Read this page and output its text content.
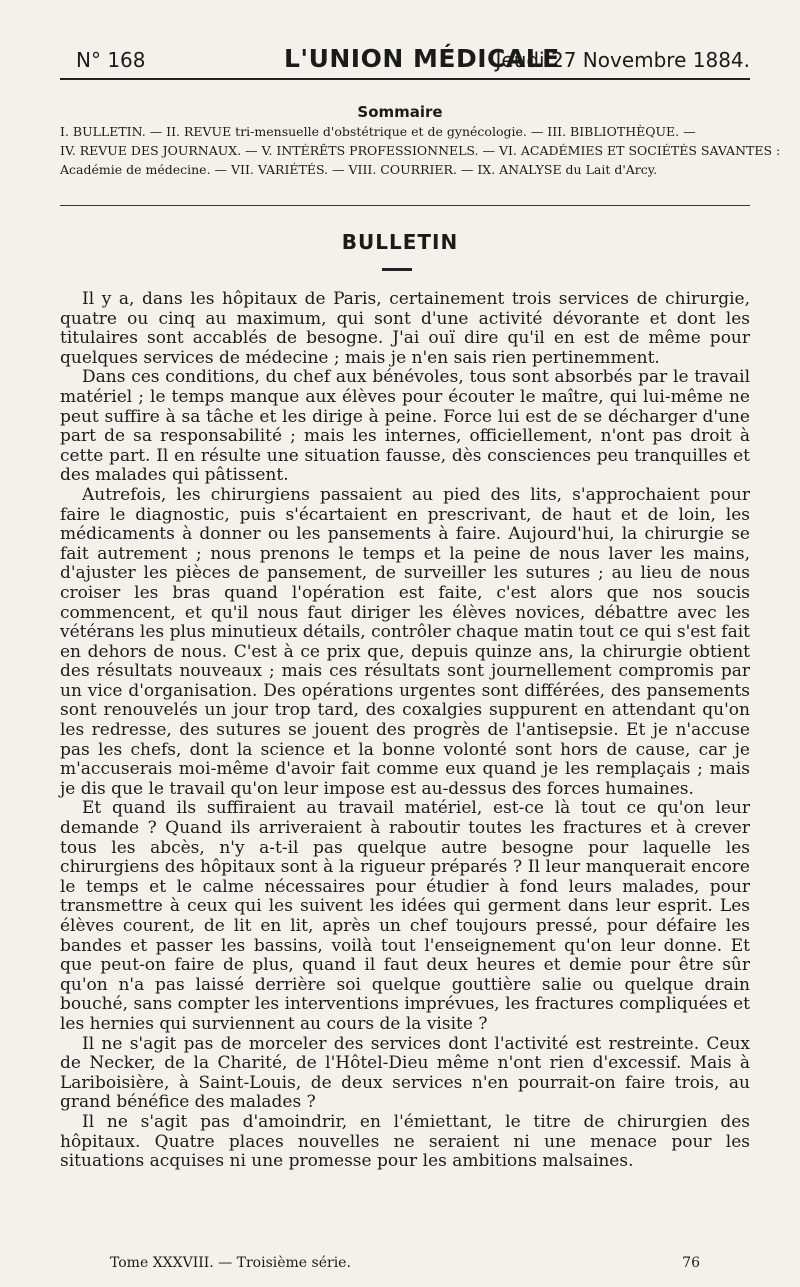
N° 168	L'UNION MÉDICALE
Jeudi 27 Novembre 1884.
Sommaire
I. BULLETIN. — II. REVUE tri-mensuelle d'obstétrique et de gynécologie. — III. BIBLIOTHÈQUE. —
IV. REVUE DES JOURNAUX. — V. INTÉRÊTS PROFESSIONNELS. — VI. ACADÉMIES ET SOCIÉTÉS SAVANTES :
Académie de médecine. — VII. VARIÉTÉS. — VIII. COURRIER. — IX. ANALYSE du Lait d'Arcy.
BULLETIN

Il y a, dans les hôpitaux de Paris, certainement trois services de chirurgie, quatre ou cinq au maximum, qui sont d'une activité dévorante et dont les titulaires sont accablés de besogne. J'ai ouï dire qu'il en est de même pour quelques services de médecine ; mais je n'en sais rien pertinemment.

Dans ces conditions, du chef aux bénévoles, tous sont absorbés par le travail matériel ; le temps manque aux élèves pour écouter le maître, qui lui-même ne peut suffire à sa tâche et les dirige à peine. Force lui est de se décharger d'une part de sa responsabilité ; mais les internes, officiellement, n'ont pas droit à cette part. Il en résulte une situation fausse, dès consciences peu tranquilles et des malades qui pâtissent.

Autrefois, les chirurgiens passaient au pied des lits, s'approchaient pour faire le diagnostic, puis s'écartaient en prescrivant, de haut et de loin, les médicaments à donner ou les pansements à faire. Aujourd'hui, la chirurgie se fait autrement ; nous prenons le temps et la peine de nous laver les mains, d'ajuster les pièces de pansement, de surveiller les sutures ; au lieu de nous croiser les bras quand l'opération est faite, c'est alors que nos soucis commencent, et qu'il nous faut diriger les élèves novices, débattre avec les vétérans les plus minutieux détails, contrôler chaque matin tout ce qui s'est fait en dehors de nous. C'est à ce prix que, depuis quinze ans, la chirurgie obtient des résultats nouveaux ; mais ces résultats sont journellement compromis par un vice d'organisation. Des opérations urgentes sont différées, des pansements sont renouvelés un jour trop tard, des coxalgies suppurent en attendant qu'on les redresse, des sutures se jouent des progrès de l'antisepsie. Et je n'accuse pas les chefs, dont la science et la bonne volonté sont hors de cause, car je m'accuserais moi-même d'avoir fait comme eux quand je les remplaçais ; mais je dis que le travail qu'on leur impose est au-dessus des forces humaines.

Et quand ils suffiraient au travail matériel, est-ce là tout ce qu'on leur demande ? Quand ils arriveraient à raboutir toutes les fractures et à crever tous les abcès, n'y a-t-il pas quelque autre besogne pour laquelle les chirurgiens des hôpitaux sont à la rigueur préparés ? Il leur manquerait encore le temps et le calme nécessaires pour étudier à fond leurs malades, pour transmettre à ceux qui les suivent les idées qui germent dans leur esprit. Les élèves courent, de lit en lit, après un chef toujours pressé, pour défaire les bandes et passer les bassins, voilà tout l'enseignement qu'on leur donne. Et que peut-on faire de plus, quand il faut deux heures et demie pour être sûr qu'on n'a pas laissé derrière soi quelque gouttière salie ou quelque drain bouché, sans compter les interventions imprévues, les fractures compliquées et les hernies qui surviennent au cours de la visite ?

Il ne s'agit pas de morceler des services dont l'activité est restreinte. Ceux de Necker, de la Charité, de l'Hôtel-Dieu même n'ont rien d'excessif. Mais à Lariboisière, à Saint-Louis, de deux services n'en pourrait-on faire trois, au grand bénéfice des malades ?

Il ne s'agit pas d'amoindrir, en l'émiettant, le titre de chirurgien des hôpitaux. Quatre places nouvelles ne seraient ni une menace pour les situations acquises ni une promesse pour les ambitions malsaines.

Tome XXXVIII. — Troisième série.	76
